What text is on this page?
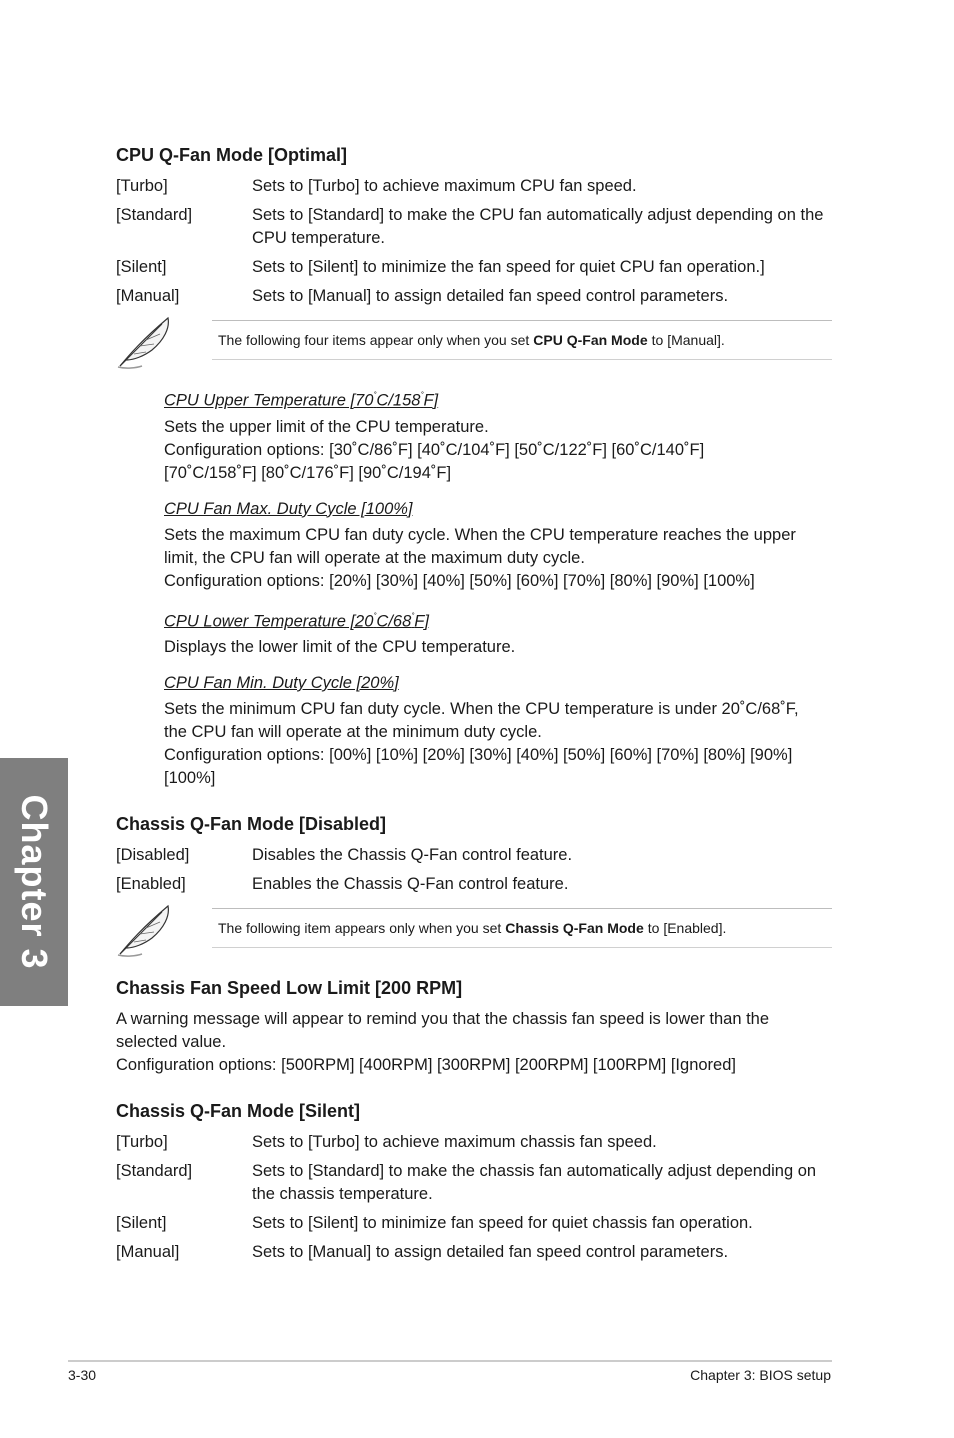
CPU Q-Fan Mode [Optimal]
[Turbo]	Sets to [Turbo] to achieve maximum CPU fan speed.
[Standard]	Sets to [Standard] to make the CPU fan automatically adjust depending on the CPU temperature.
[Silent]	Sets to [Silent] to minimize the fan speed for quiet CPU fan operation.]
[Manual]	Sets to [Manual] to assign detailed fan speed control parameters.
The following four items appear only when you set CPU Q-Fan Mode to [Manual].
CPU Upper Temperature [70˚C/158˚F]

Sets the upper limit of the CPU temperature.

Configuration options: [30˚C/86˚F] [40˚C/104˚F] [50˚C/122˚F] [60˚C/140˚F]

[70˚C/158˚F] [80˚C/176˚F] [90˚C/194˚F]

CPU Fan Max. Duty Cycle [100%]

Sets the maximum CPU fan duty cycle. When the CPU temperature reaches the upper

limit, the CPU fan will operate at the maximum duty cycle.

Configuration options: [20%] [30%] [40%] [50%] [60%] [70%] [80%] [90%] [100%]

CPU Lower Temperature [20˚C/68˚F]

Displays the lower limit of the CPU temperature.

CPU Fan Min. Duty Cycle [20%]

Sets the minimum CPU fan duty cycle. When the CPU temperature is under 20˚C/68˚F,

the CPU fan will operate at the minimum duty cycle.

Configuration options: [00%] [10%] [20%] [30%] [40%] [50%] [60%] [70%] [80%] [90%]

[100%]

Chassis Q-Fan Mode [Disabled]
[Disabled]	Disables the Chassis Q-Fan control feature.
[Enabled]	Enables the Chassis Q-Fan control feature.
The following item appears only when you set Chassis Q-Fan Mode to [Enabled].
Chassis Fan Speed Low Limit [200 RPM]

A warning message will appear to remind you that the chassis fan speed is lower than the

selected value.

Configuration options: [500RPM] [400RPM] [300RPM] [200RPM] [100RPM] [Ignored]

Chassis Q-Fan Mode [Silent]
[Turbo]	Sets to [Turbo] to achieve maximum chassis fan speed.
[Standard]	Sets to [Standard] to make the chassis fan automatically adjust depending on the chassis temperature.
[Silent]	Sets to [Silent] to minimize fan speed for quiet chassis fan operation.
[Manual]	Sets to [Manual] to assign detailed fan speed control parameters.
Chapter 3
3-30	Chapter 3: BIOS setup
